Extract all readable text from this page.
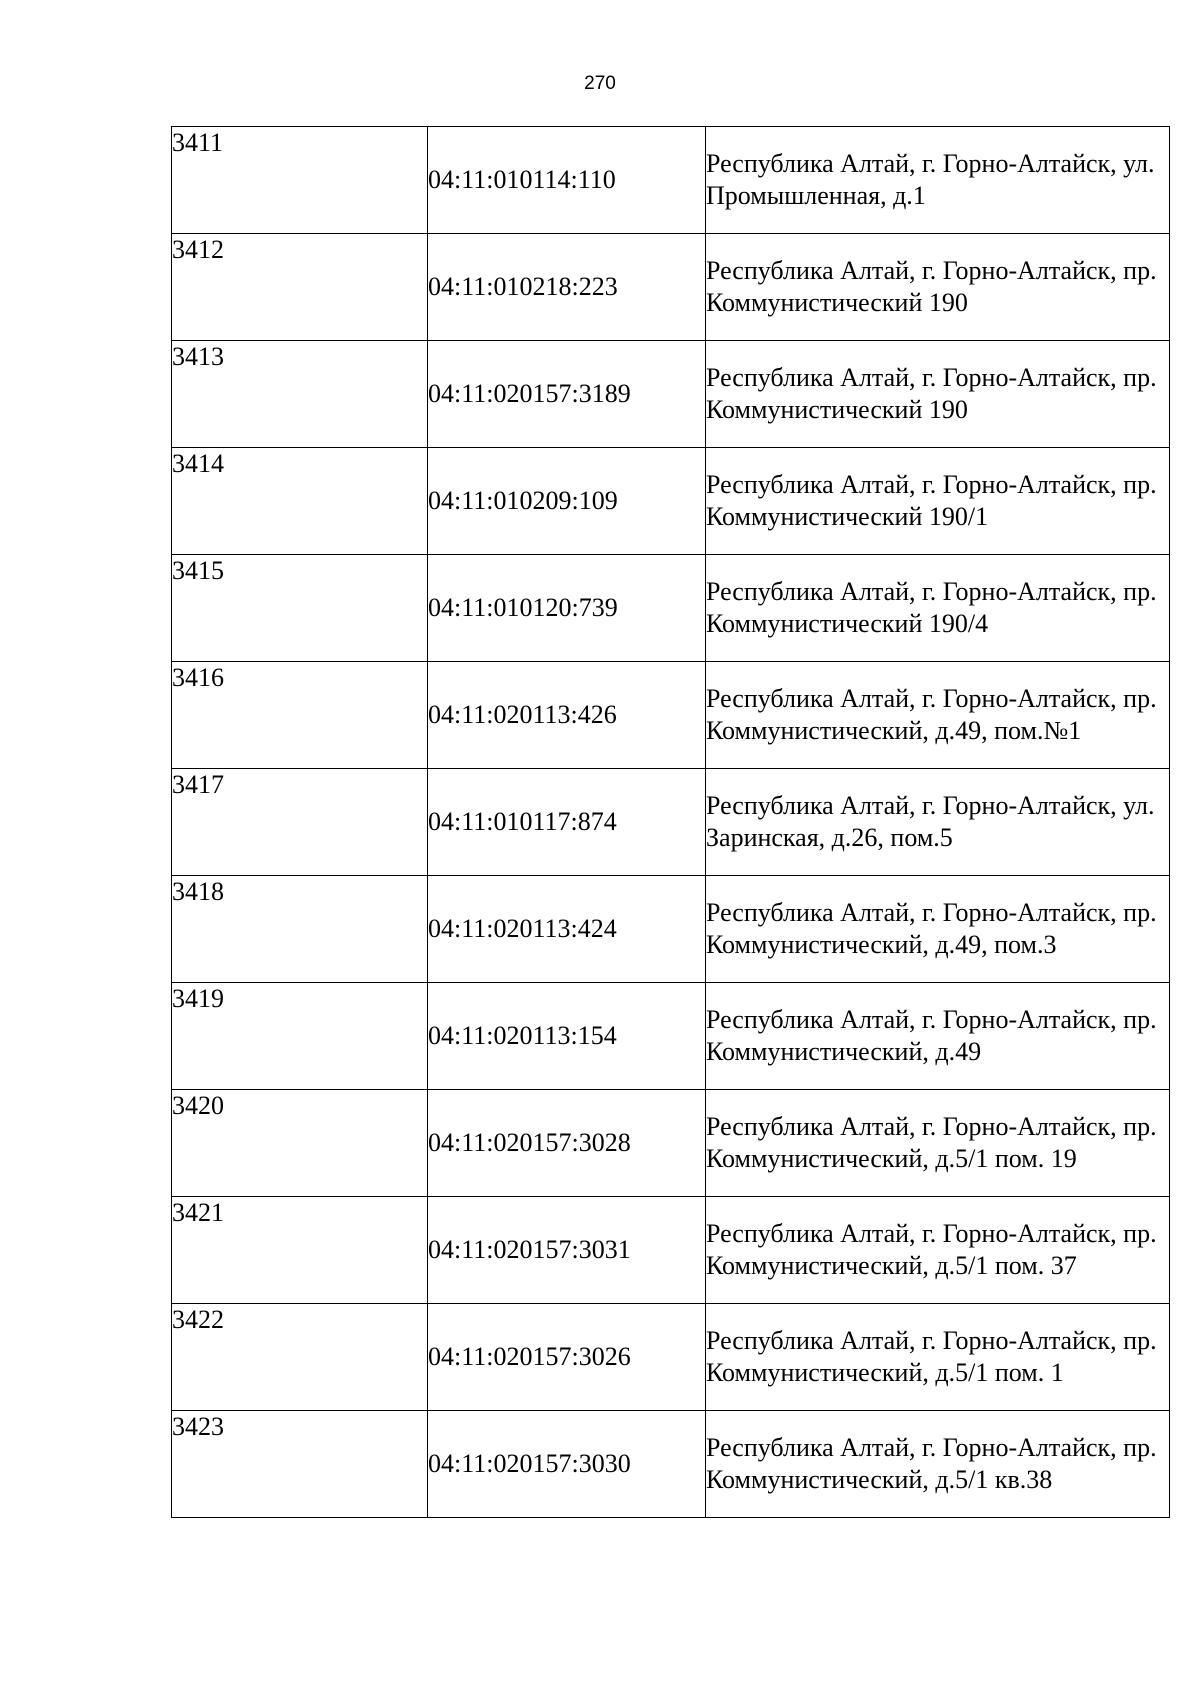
270
3411	04:11:010114:110	Республика Алтай, г. Горно-Алтайск, ул. Промышленная, д.1
3412	04:11:010218:223	Республика Алтай, г. Горно-Алтайск, пр. Коммунистический 190
3413	04:11:020157:3189	Республика Алтай, г. Горно-Алтайск, пр. Коммунистический 190
3414	04:11:010209:109	Республика Алтай, г. Горно-Алтайск, пр. Коммунистический 190/1
3415	04:11:010120:739	Республика Алтай, г. Горно-Алтайск, пр. Коммунистический 190/4
3416	04:11:020113:426	Республика Алтай, г. Горно-Алтайск, пр. Коммунистический, д.49, пом.№1
3417	04:11:010117:874	Республика Алтай, г. Горно-Алтайск, ул. Заринская, д.26, пом.5
3418	04:11:020113:424	Республика Алтай, г. Горно-Алтайск, пр. Коммунистический, д.49, пом.3
3419	04:11:020113:154	Республика Алтай, г. Горно-Алтайск, пр. Коммунистический, д.49
3420	04:11:020157:3028	Республика Алтай, г. Горно-Алтайск, пр. Коммунистический, д.5/1 пом. 19
3421	04:11:020157:3031	Республика Алтай, г. Горно-Алтайск, пр. Коммунистический, д.5/1 пом. 37
3422	04:11:020157:3026	Республика Алтай, г. Горно-Алтайск, пр. Коммунистический, д.5/1 пом. 1
3423	04:11:020157:3030	Республика Алтай, г. Горно-Алтайск, пр. Коммунистический, д.5/1 кв.38
